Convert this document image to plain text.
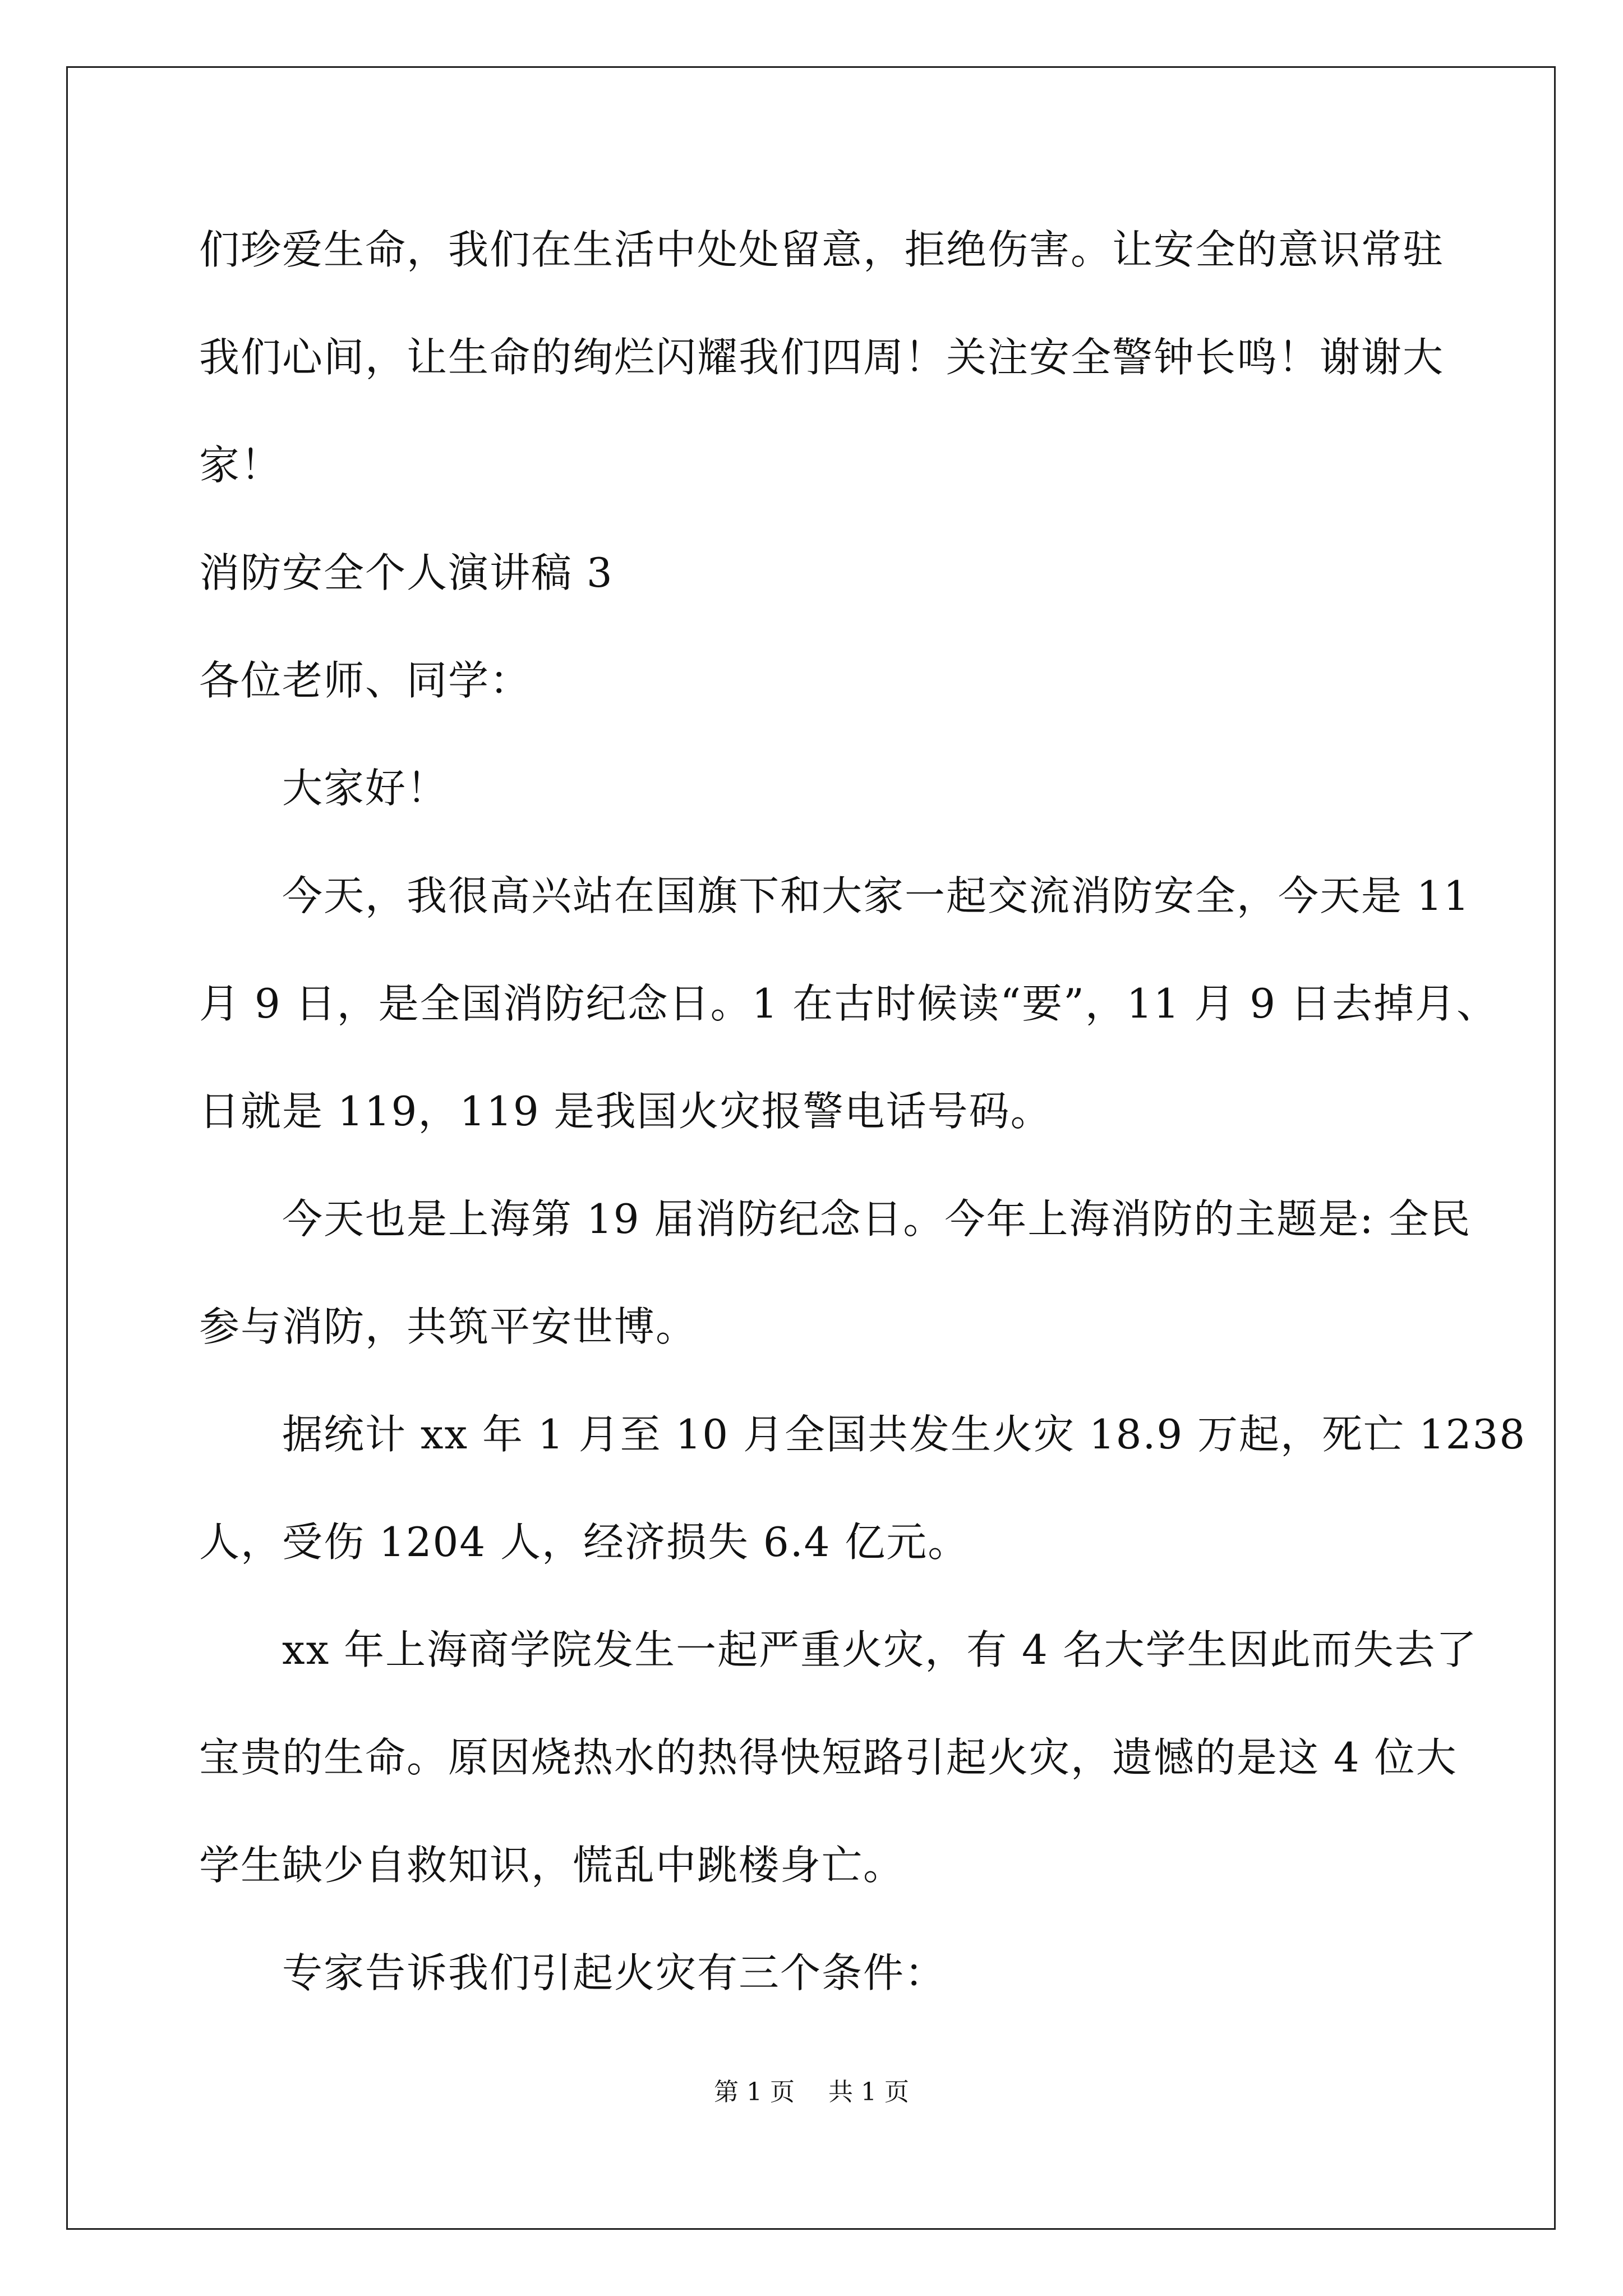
们珍爱生命，我们在生活中处处留意，拒绝伤害。让安全的意识常驻
我们心间，让生命的绚烂闪耀我们四周！关注安全警钟长鸣！谢谢大
家！
消防安全个人演讲稿 3
各位老师、同学：
大家好！
今天，我很高兴站在国旗下和大家一起交流消防安全，今天是 11
月 9 日，是全国消防纪念日。1 在古时候读“要”，11 月 9 日去掉月、
日就是 119，119 是我国火灾报警电话号码。
今天也是上海第 19 届消防纪念日。今年上海消防的主题是: 全民
参与消防，共筑平安世博。
据统计 xx 年 1 月至 10 月全国共发生火灾 18.9 万起，死亡 1238
人，受伤 1204 人，经济损失 6.4 亿元。
xx 年上海商学院发生一起严重火灾，有 4 名大学生因此而失去了
宝贵的生命。原因烧热水的热得快短路引起火灾，遗憾的是这 4 位大
学生缺少自救知识，慌乱中跳楼身亡。
专家告诉我们引起火灾有三个条件：
第 1 页 共 1 页
